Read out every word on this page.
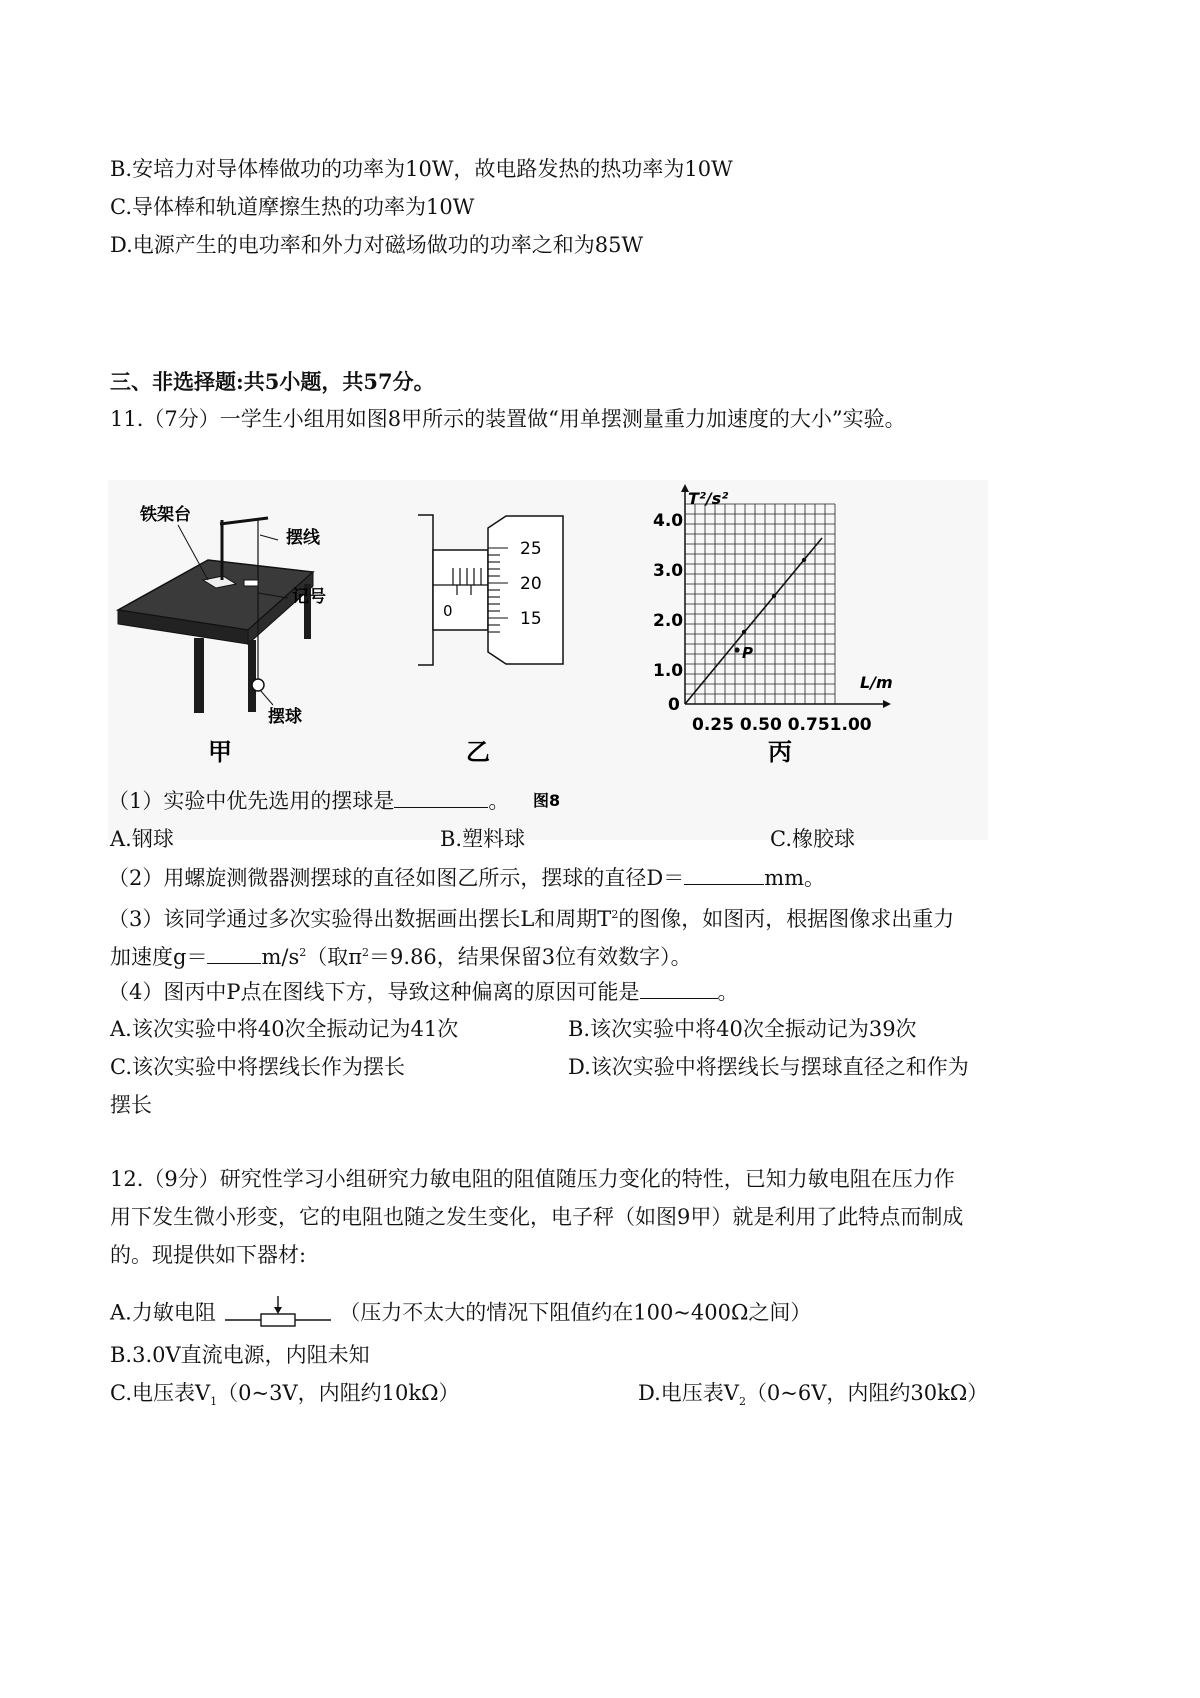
B.安培力对导体棒做功的功率为10W，故电路发热的热功率为10W
C.导体棒和轨道摩擦生热的功率为10W
D.电源产生的电功率和外力对磁场做功的功率之和为85W
三、非选择题:共5小题，共57分。
11.（7分）一学生小组用如图8甲所示的装置做“用单摆测量重力加速度的大小”实验。
铁架台
摆线
记号
摆球
甲
0
25
20
15
乙
P
4.0
3.0
2.0
1.0
0
T²/s²
L/m
0.25 0.50 0.751.00
丙
图8
（1）实验中优先选用的摆球是	。
A.钢球	B.塑料球	C.橡胶球
（2）用螺旋测微器测摆球的直径如图乙所示，摆球的直径D＝	mm。
（3）该同学通过多次实验得出数据画出摆长L和周期$T^2$的图像，如图丙，根据图像求出重力
加速度g＝	$m/s^2$（取$\pi^2=9.86$，结果保留3位有效数字）。
（4）图丙中P点在图线下方，导致这种偏离的原因可能是	。
A.该次实验中将40次全振动记为41次	B.该次实验中将40次全振动记为39次
C.该次实验中将摆线长作为摆长	D.该次实验中将摆线长与摆球直径之和作为
摆长
12.（9分）研究性学习小组研究力敏电阻的阻值随压力变化的特性，已知力敏电阻在压力作
用下发生微小形变，它的电阻也随之发生变化，电子秤（如图9甲）就是利用了此特点而制成
的。现提供如下器材:
A.力敏电阻	（压力不太大的情况下阻值约在100~400Ω之间）
B.3.0V直流电源，内阻未知
C.电压表$V_1(0\sim 3V$，内阻约10kΩ）	D.电压表$V_2(0\sim 6V$，内阻约30kΩ）
